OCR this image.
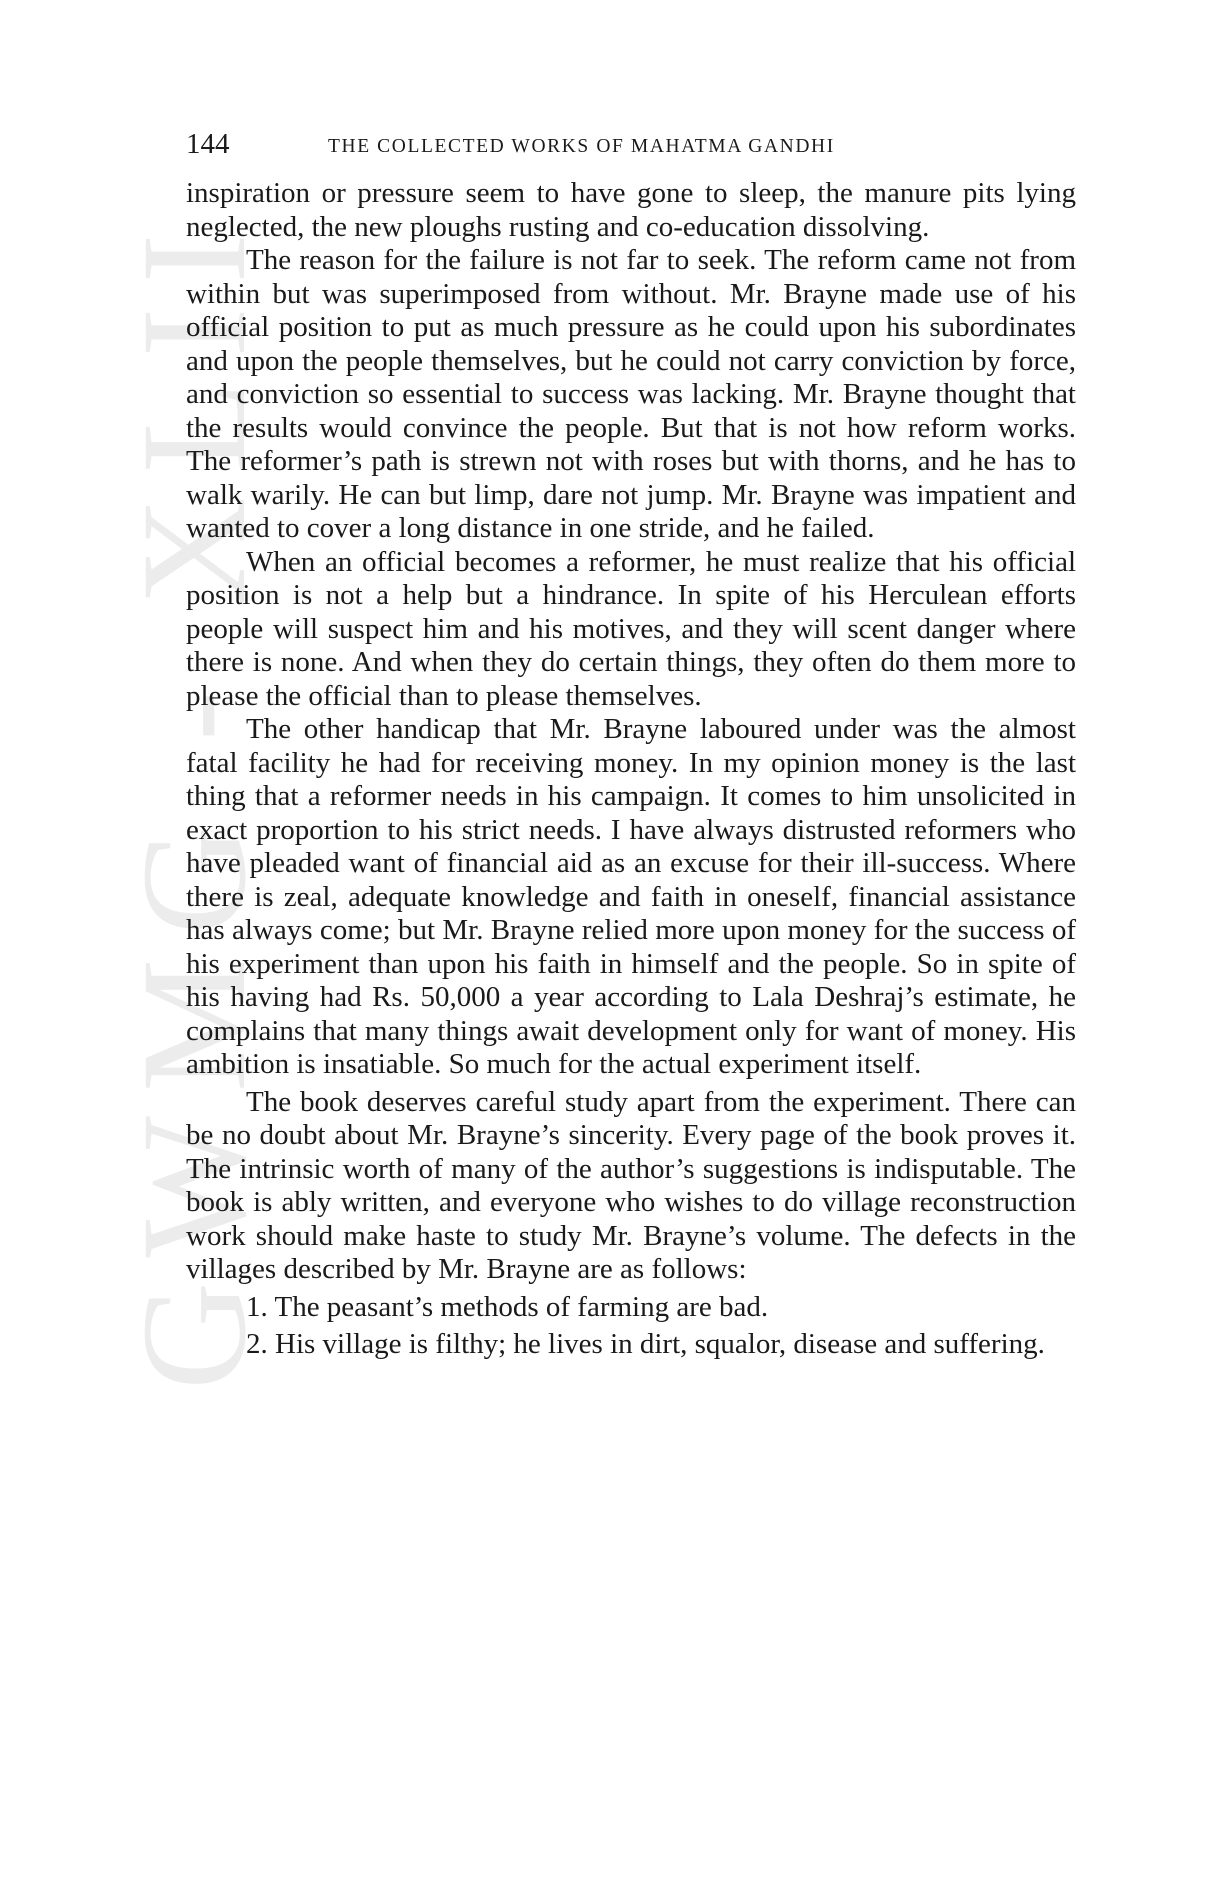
GWMG - XLII
144	THE COLLECTED WORKS OF MAHATMA GANDHI

inspiration or pressure seem to have gone to sleep, the manure pits lying neglected, the new ploughs rusting and co-education dissolving.

The reason for the failure is not far to seek. The reform came not from within but was superimposed from without. Mr. Brayne made use of his official position to put as much pressure as he could upon his subordinates and upon the people themselves, but he could not carry conviction by force, and conviction so essential to success was lacking. Mr. Brayne thought that the results would convince the people. But that is not how reform works. The reformer’s path is strewn not with roses but with thorns, and he has to walk warily. He can but limp, dare not jump. Mr. Brayne was impatient and wanted to cover a long distance in one stride, and he failed.

When an official becomes a reformer, he must realize that his official position is not a help but a hindrance. In spite of his Herculean efforts people will suspect him and his motives, and they will scent danger where there is none. And when they do certain things, they often do them more to please the official than to please themselves.

The other handicap that Mr. Brayne laboured under was the almost fatal facility he had for receiving money. In my opinion money is the last thing that a reformer needs in his campaign. It comes to him unsolicited in exact proportion to his strict needs. I have always distrusted reformers who have pleaded want of financial aid as an excuse for their ill-success. Where there is zeal, adequate knowledge and faith in oneself, financial assistance has always come; but Mr. Brayne relied more upon money for the success of his experiment than upon his faith in himself and the people. So in spite of his having had Rs. 50,000 a year according to Lala Deshraj’s estimate, he complains that many things await development only for want of money. His ambition is insatiable. So much for the actual experiment itself.

The book deserves careful study apart from the experiment. There can be no doubt about Mr. Brayne’s sincerity. Every page of the book proves it. The intrinsic worth of many of the author’s suggestions is indisputable. The book is ably written, and everyone who wishes to do village reconstruction work should make haste to study Mr. Brayne’s volume. The defects in the villages described by Mr. Brayne are as follows:

1. The peasant’s methods of farming are bad.

2. His village is filthy; he lives in dirt, squalor, disease and suffering.
